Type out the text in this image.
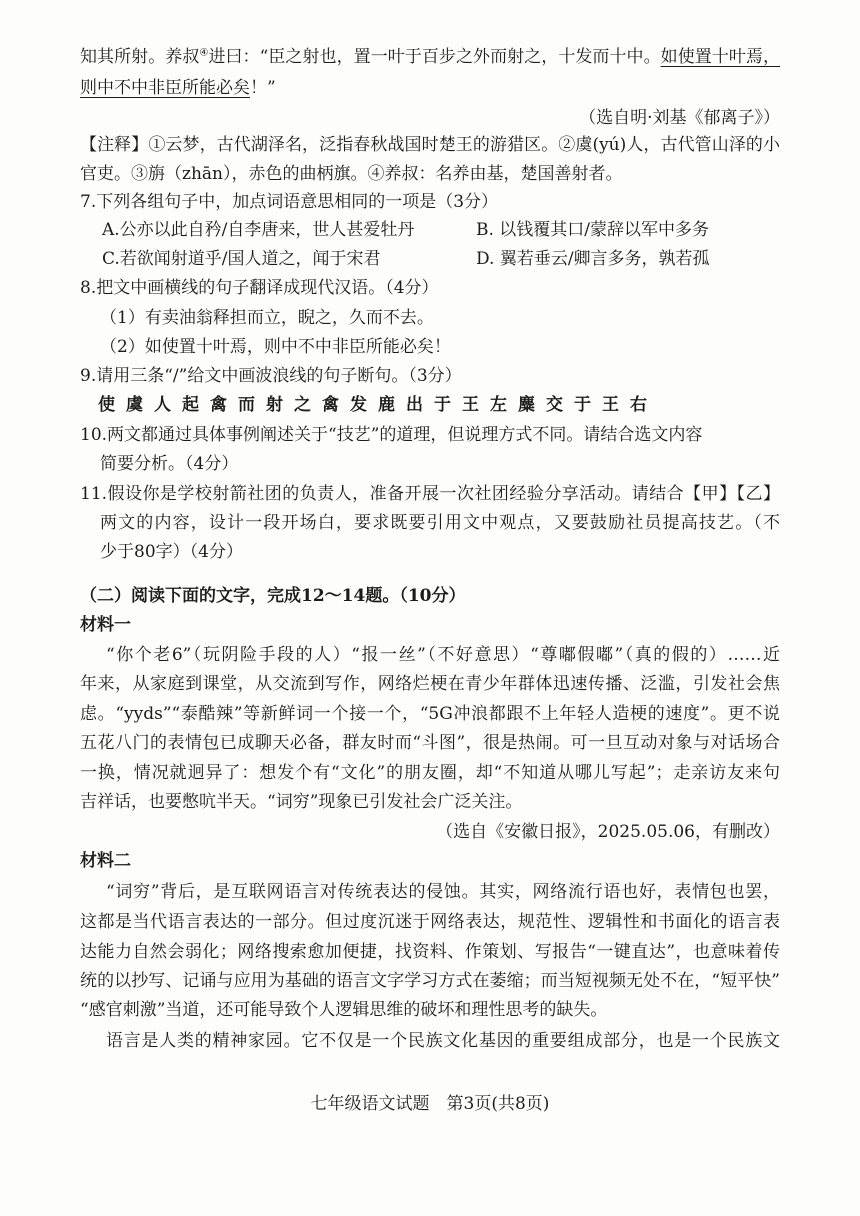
知其所射。养叔④进曰：“臣之射也，置一叶于百步之外而射之，十发而十中。如使置十叶焉，
则中不中非臣所能必矣！”
（选自明·刘基《郁离子》）
【注释】①云梦，古代湖泽名，泛指春秋战国时楚王的游猎区。②虞(yú)人，古代管山泽的小
官吏。③旃（zhān），赤色的曲柄旗。④养叔：名养由基，楚国善射者。
7.下列各组句子中，加点词语意思相同的一项是（3分）
A.公亦以此自矜/自李唐来，世人甚爱牡丹	B. 以钱覆其口/蒙辞以军中多务
C.若欲闻射道乎/国人道之，闻于宋君	D. 翼若垂云/卿言多务，孰若孤
8.把文中画横线的句子翻译成现代汉语。（4分）
（1）有卖油翁释担而立，睨之，久而不去。
（2）如使置十叶焉，则中不中非臣所能必矣！
9.请用三条“/”给文中画波浪线的句子断句。（3分）
使虞人起禽而射之禽发鹿出于王左麋交于王右
10.两文都通过具体事例阐述关于“技艺”的道理，但说理方式不同。请结合选文内容
简要分析。（4分）
11.假设你是学校射箭社团的负责人，准备开展一次社团经验分享活动。请结合【甲】【乙】
两文的内容，设计一段开场白，要求既要引用文中观点，又要鼓励社员提高技艺。（不
少于80字）（4分）
（二）阅读下面的文字，完成12～14题。（10分）
材料一
“你个老6”（玩阴险手段的人）“报一丝”（不好意思）“尊嘟假嘟”（真的假的）……近
年来，从家庭到课堂，从交流到写作，网络烂梗在青少年群体迅速传播、泛滥，引发社会焦
虑。“yyds”“泰酷辣”等新鲜词一个接一个，“5G冲浪都跟不上年轻人造梗的速度”。更不说
五花八门的表情包已成聊天必备，群友时而“斗图”，很是热闹。可一旦互动对象与对话场合
一换，情况就迥异了：想发个有“文化”的朋友圈，却“不知道从哪儿写起”；走亲访友来句
吉祥话，也要憋吭半天。“词穷”现象已引发社会广泛关注。
（选自《安徽日报》，2025.05.06，有删改）
材料二
“词穷”背后，是互联网语言对传统表达的侵蚀。其实，网络流行语也好，表情包也罢，
这都是当代语言表达的一部分。但过度沉迷于网络表达，规范性、逻辑性和书面化的语言表
达能力自然会弱化；网络搜索愈加便捷，找资料、作策划、写报告“一键直达”，也意味着传
统的以抄写、记诵与应用为基础的语言文字学习方式在萎缩；而当短视频无处不在，“短平快”
“感官刺激”当道，还可能导致个人逻辑思维的破坏和理性思考的缺失。
语言是人类的精神家园。它不仅是一个民族文化基因的重要组成部分，也是一个民族文
七年级语文试题　第3页(共8页)
